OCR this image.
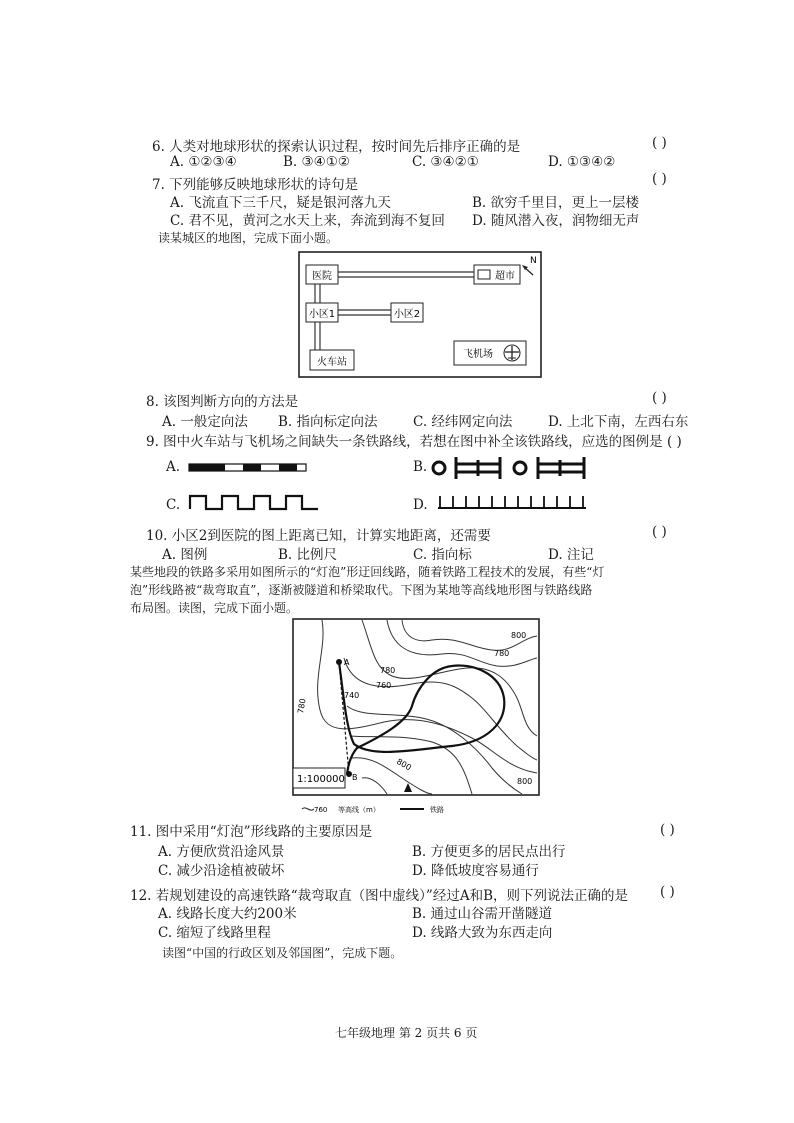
6. 人类对地球形状的探索认识过程，按时间先后排序正确的是	( )
A. ①②③④	B. ③④①②	C. ③④②①	D. ①③④②
7. 下列能够反映地球形状的诗句是	( )
A. 飞流直下三千尺，疑是银河落九天	B. 欲穷千里目，更上一层楼
C. 君不见，黄河之水天上来，奔流到海不复回 D. 随风潜入夜，润物细无声
读某城区的地图，完成下面小题。
医院	超市
小区1	小区2
火车站
飞机场
N
8. 该图判断方向的方法是	( )
A. 一般定向法 B. 指向标定向法	C. 经纬网定向法	D. 上北下南，左西右东
9. 图中火车站与飞机场之间缺失一条铁路线，若想在图中补全该铁路线，应选的图例是 ( )
A.	B.
C.	D.
10. 小区2到医院的图上距离已知，计算实地距离，还需要	( )
A. 图例	B. 比例尺	C. 指向标	D. 注记
某些地段的铁路多采用如图所示的“灯泡”形迂回线路，随着铁路工程技术的发展，有些“灯
泡”形线路被“裁弯取直”，逐渐被隧道和桥梁取代。下图为某地等高线地形图与铁路线路
布局图。读图，完成下面小题。
A
B
800
780
760
740
780
780
800
800
1:100000
760 等高线（m）	铁路
11. 图中采用“灯泡”形线路的主要原因是	( )
A. 方便欣赏沿途风景	B. 方便更多的居民点出行
C. 减少沿途植被破坏	D. 降低坡度容易通行
12. 若规划建设的高速铁路“裁弯取直（图中虚线）”经过A和B，则下列说法正确的是 ( )
A. 线路长度大约200米	B. 通过山谷需开凿隧道
C. 缩短了线路里程	D. 线路大致为东西走向
读图“中国的行政区划及邻国图”，完成下题。
七年级地理 第 2 页共 6 页
